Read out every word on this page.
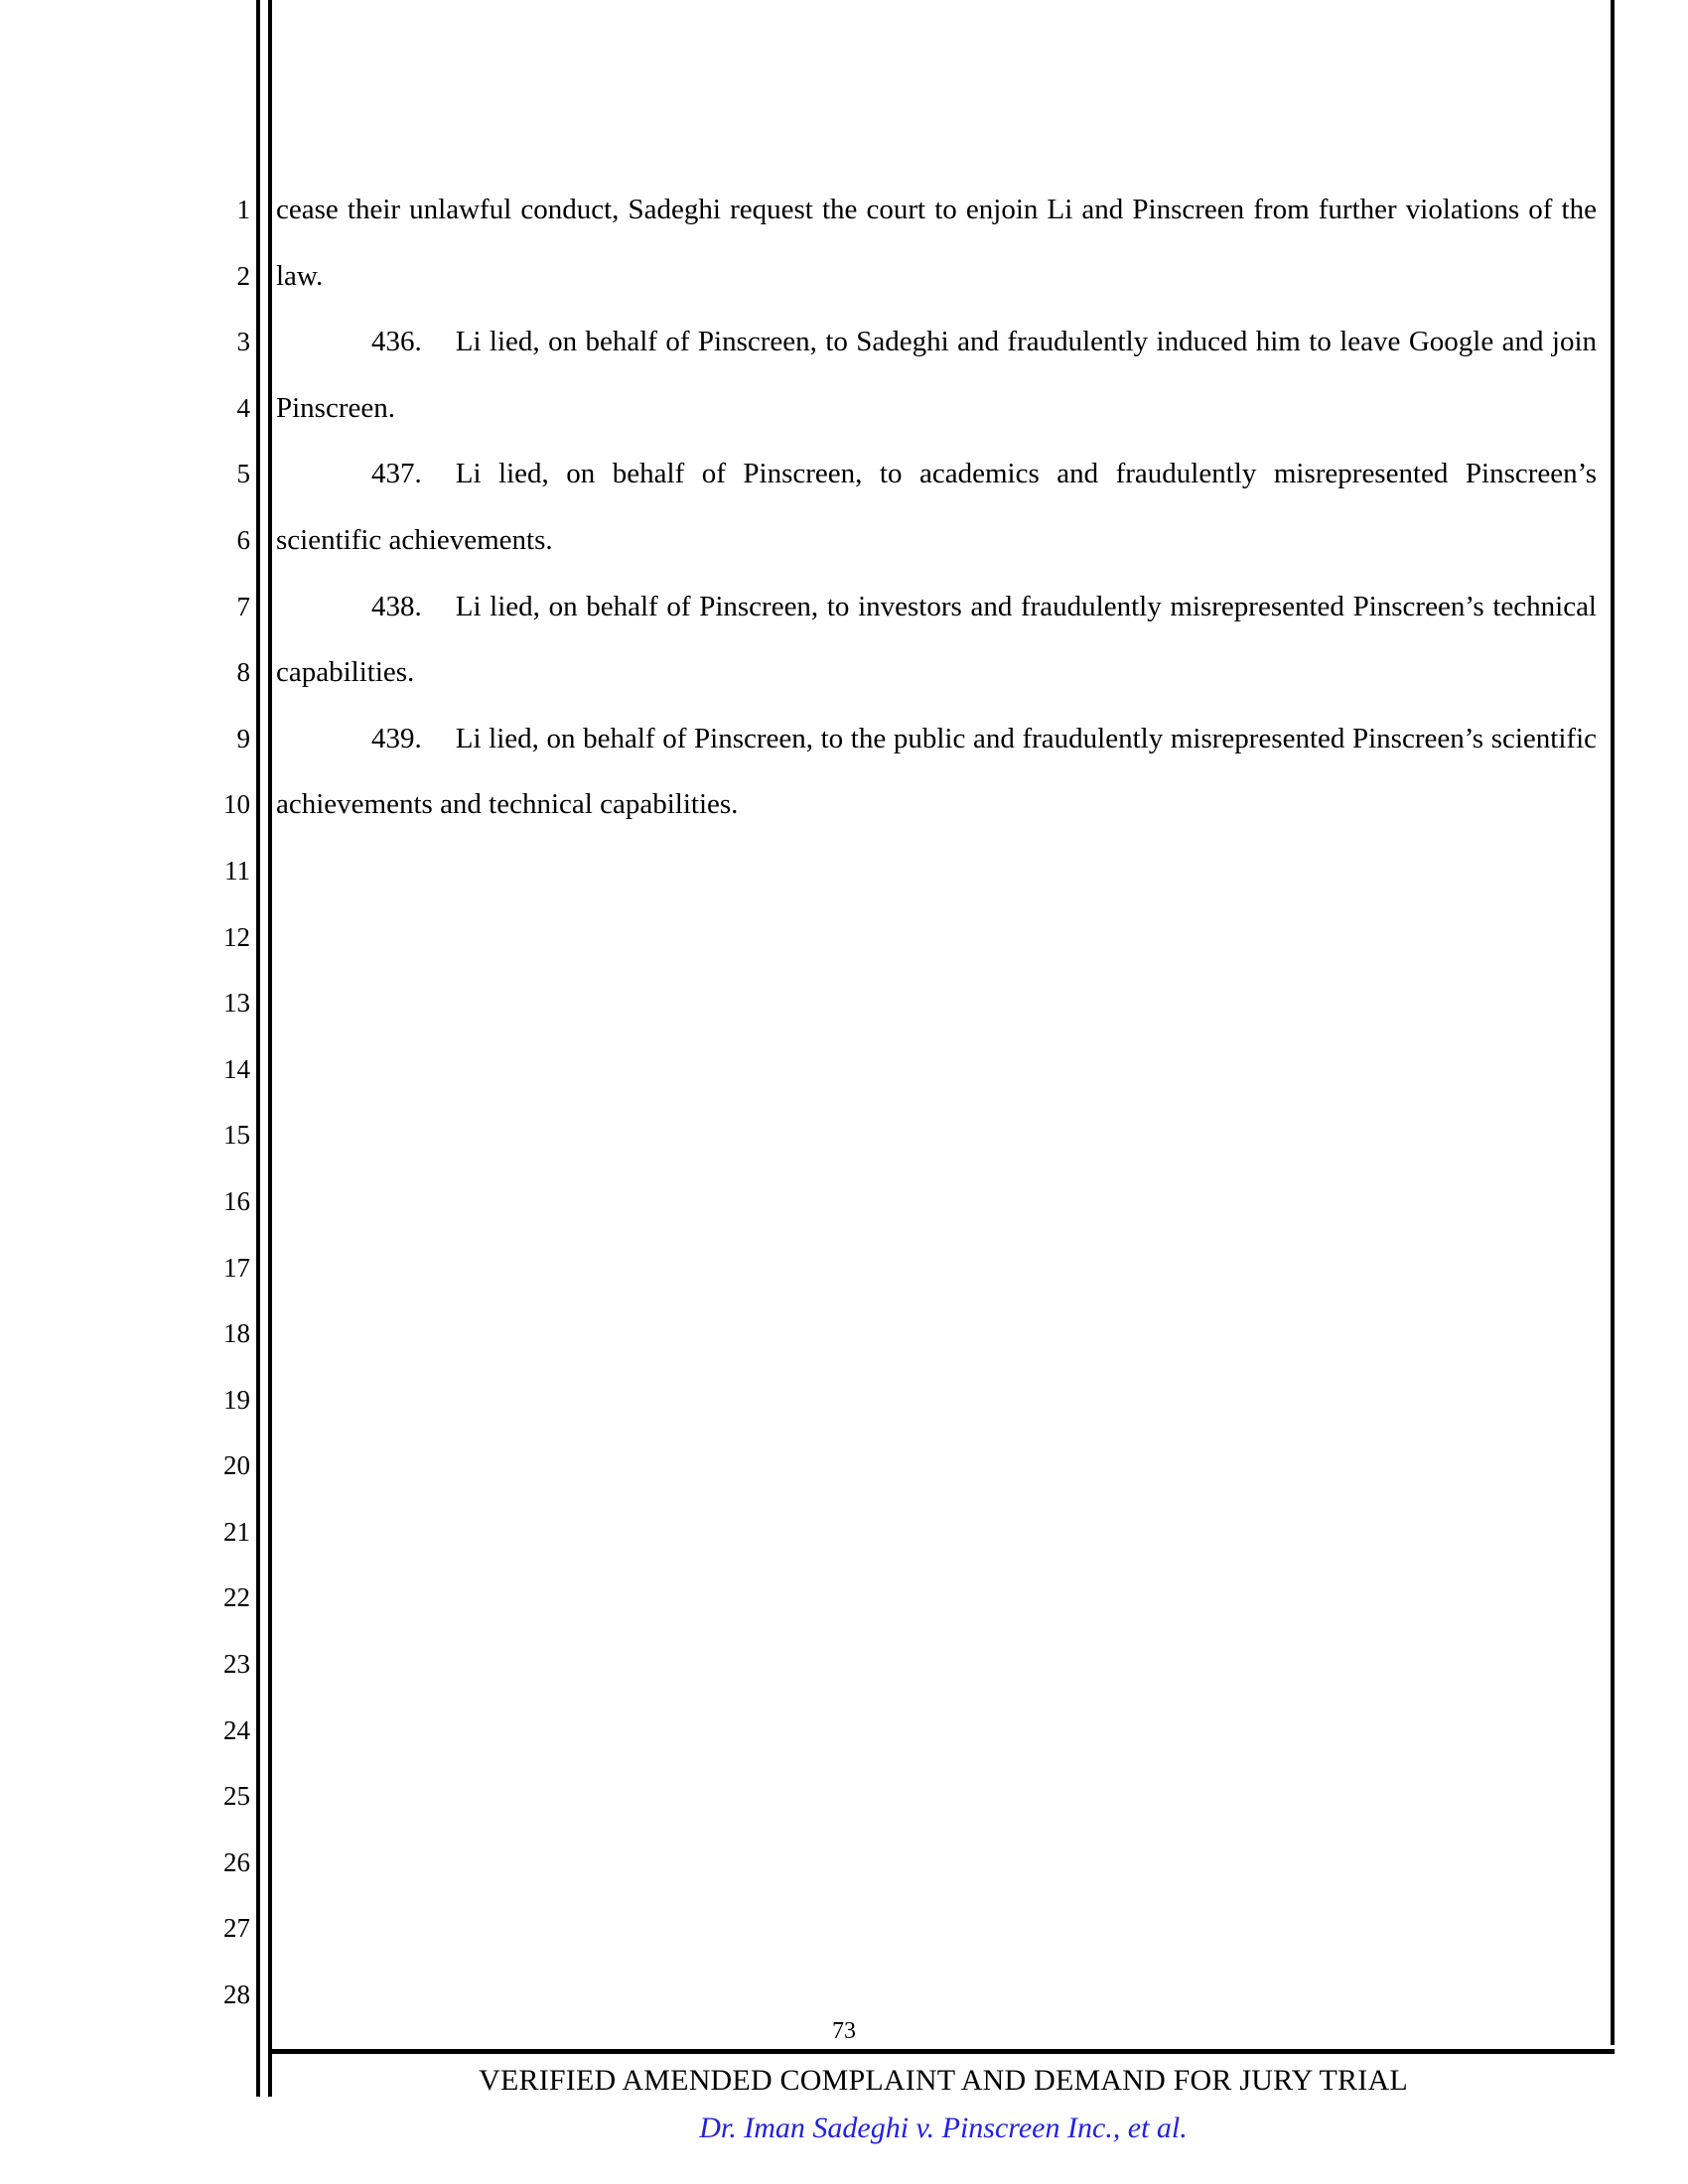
1
2
3
4
5
6
7
8
9
10
11
12
13
14
15
16
17
18
19
20
21
22
23
24
25
26
27
28

cease their unlawful conduct, Sadeghi request the court to enjoin Li and Pinscreen from further violations of the law.

436. Li lied, on behalf of Pinscreen, to Sadeghi and fraudulently induced him to leave Google and join Pinscreen.

437. Li lied, on behalf of Pinscreen, to academics and fraudulently misrepresented Pinscreen’s scientific achievements.

438. Li lied, on behalf of Pinscreen, to investors and fraudulently misrepresented Pinscreen’s technical capabilities.

439. Li lied, on behalf of Pinscreen, to the public and fraudulently misrepresented Pinscreen’s scientific achievements and technical capabilities.

73
VERIFIED AMENDED COMPLAINT AND DEMAND FOR JURY TRIAL
Dr. Iman Sadeghi v. Pinscreen Inc., et al.
